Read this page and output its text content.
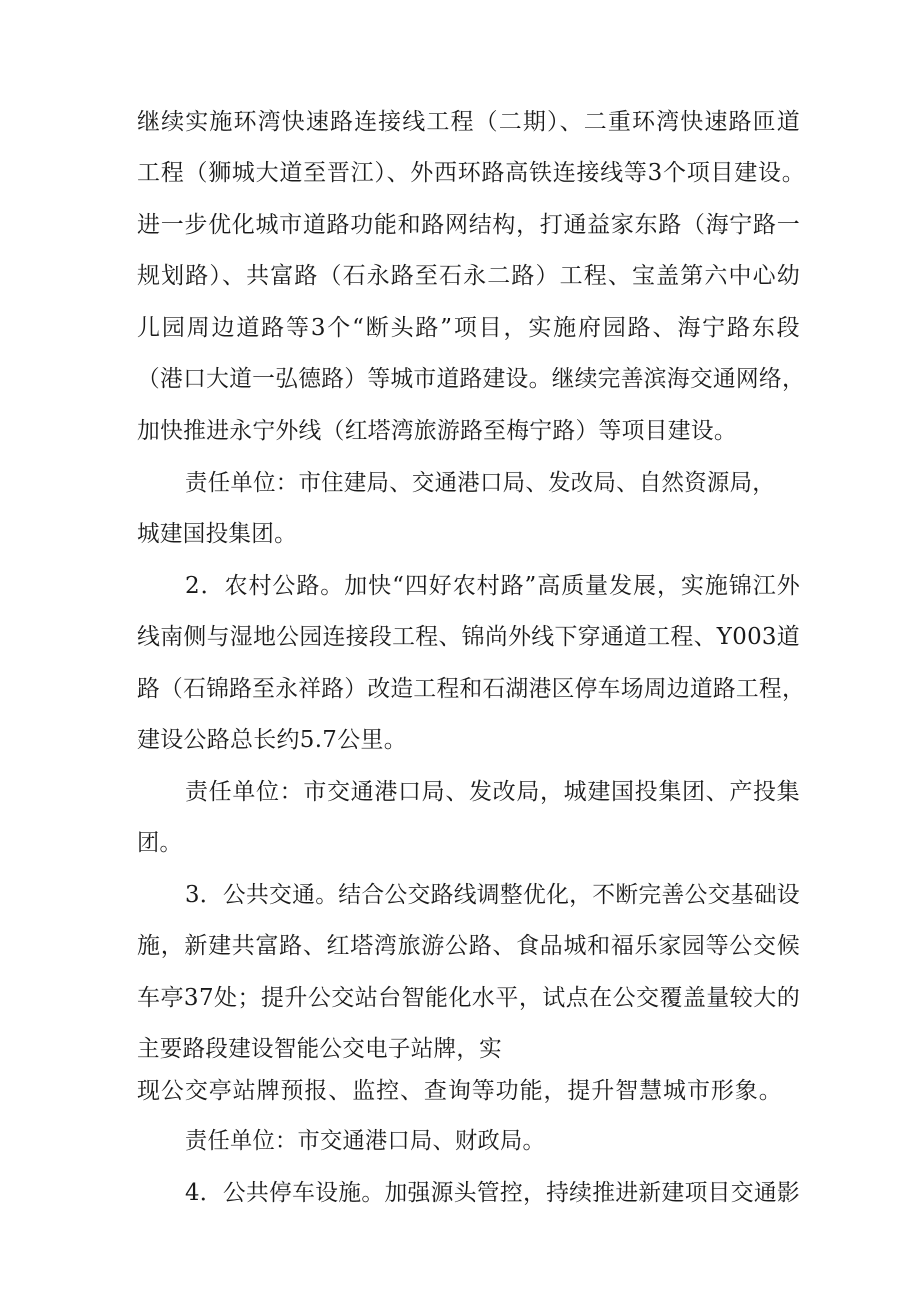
继续实施环湾快速路连接线工程（二期）、二重环湾快速路匝道
工程（狮城大道至晋江）、外西环路高铁连接线等3个项目建设。
进一步优化城市道路功能和路网结构，打通益家东路（海宁路一
规划路）、共富路（石永路至石永二路）工程、宝盖第六中心幼
儿园周边道路等3个“断头路”项目，实施府园路、海宁路东段
（港口大道一弘德路）等城市道路建设。继续完善滨海交通网络，
加快推进永宁外线（红塔湾旅游路至梅宁路）等项目建设。
责任单位：市住建局、交通港口局、发改局、自然资源局，
城建国投集团。
2．农村公路。加快“四好农村路”高质量发展，实施锦江外
线南侧与湿地公园连接段工程、锦尚外线下穿通道工程、Y003道
路（石锦路至永祥路）改造工程和石湖港区停车场周边道路工程，
建设公路总长约5.7公里。
责任单位：市交通港口局、发改局，城建国投集团、产投集
团。
3．公共交通。结合公交路线调整优化，不断完善公交基础设
施，新建共富路、红塔湾旅游公路、食品城和福乐家园等公交候
车亭37处；提升公交站台智能化水平，试点在公交覆盖量较大的
主要路段建设智能公交电子站牌，实
现公交亭站牌预报、监控、查询等功能，提升智慧城市形象。
责任单位：市交通港口局、财政局。
4．公共停车设施。加强源头管控，持续推进新建项目交通影
